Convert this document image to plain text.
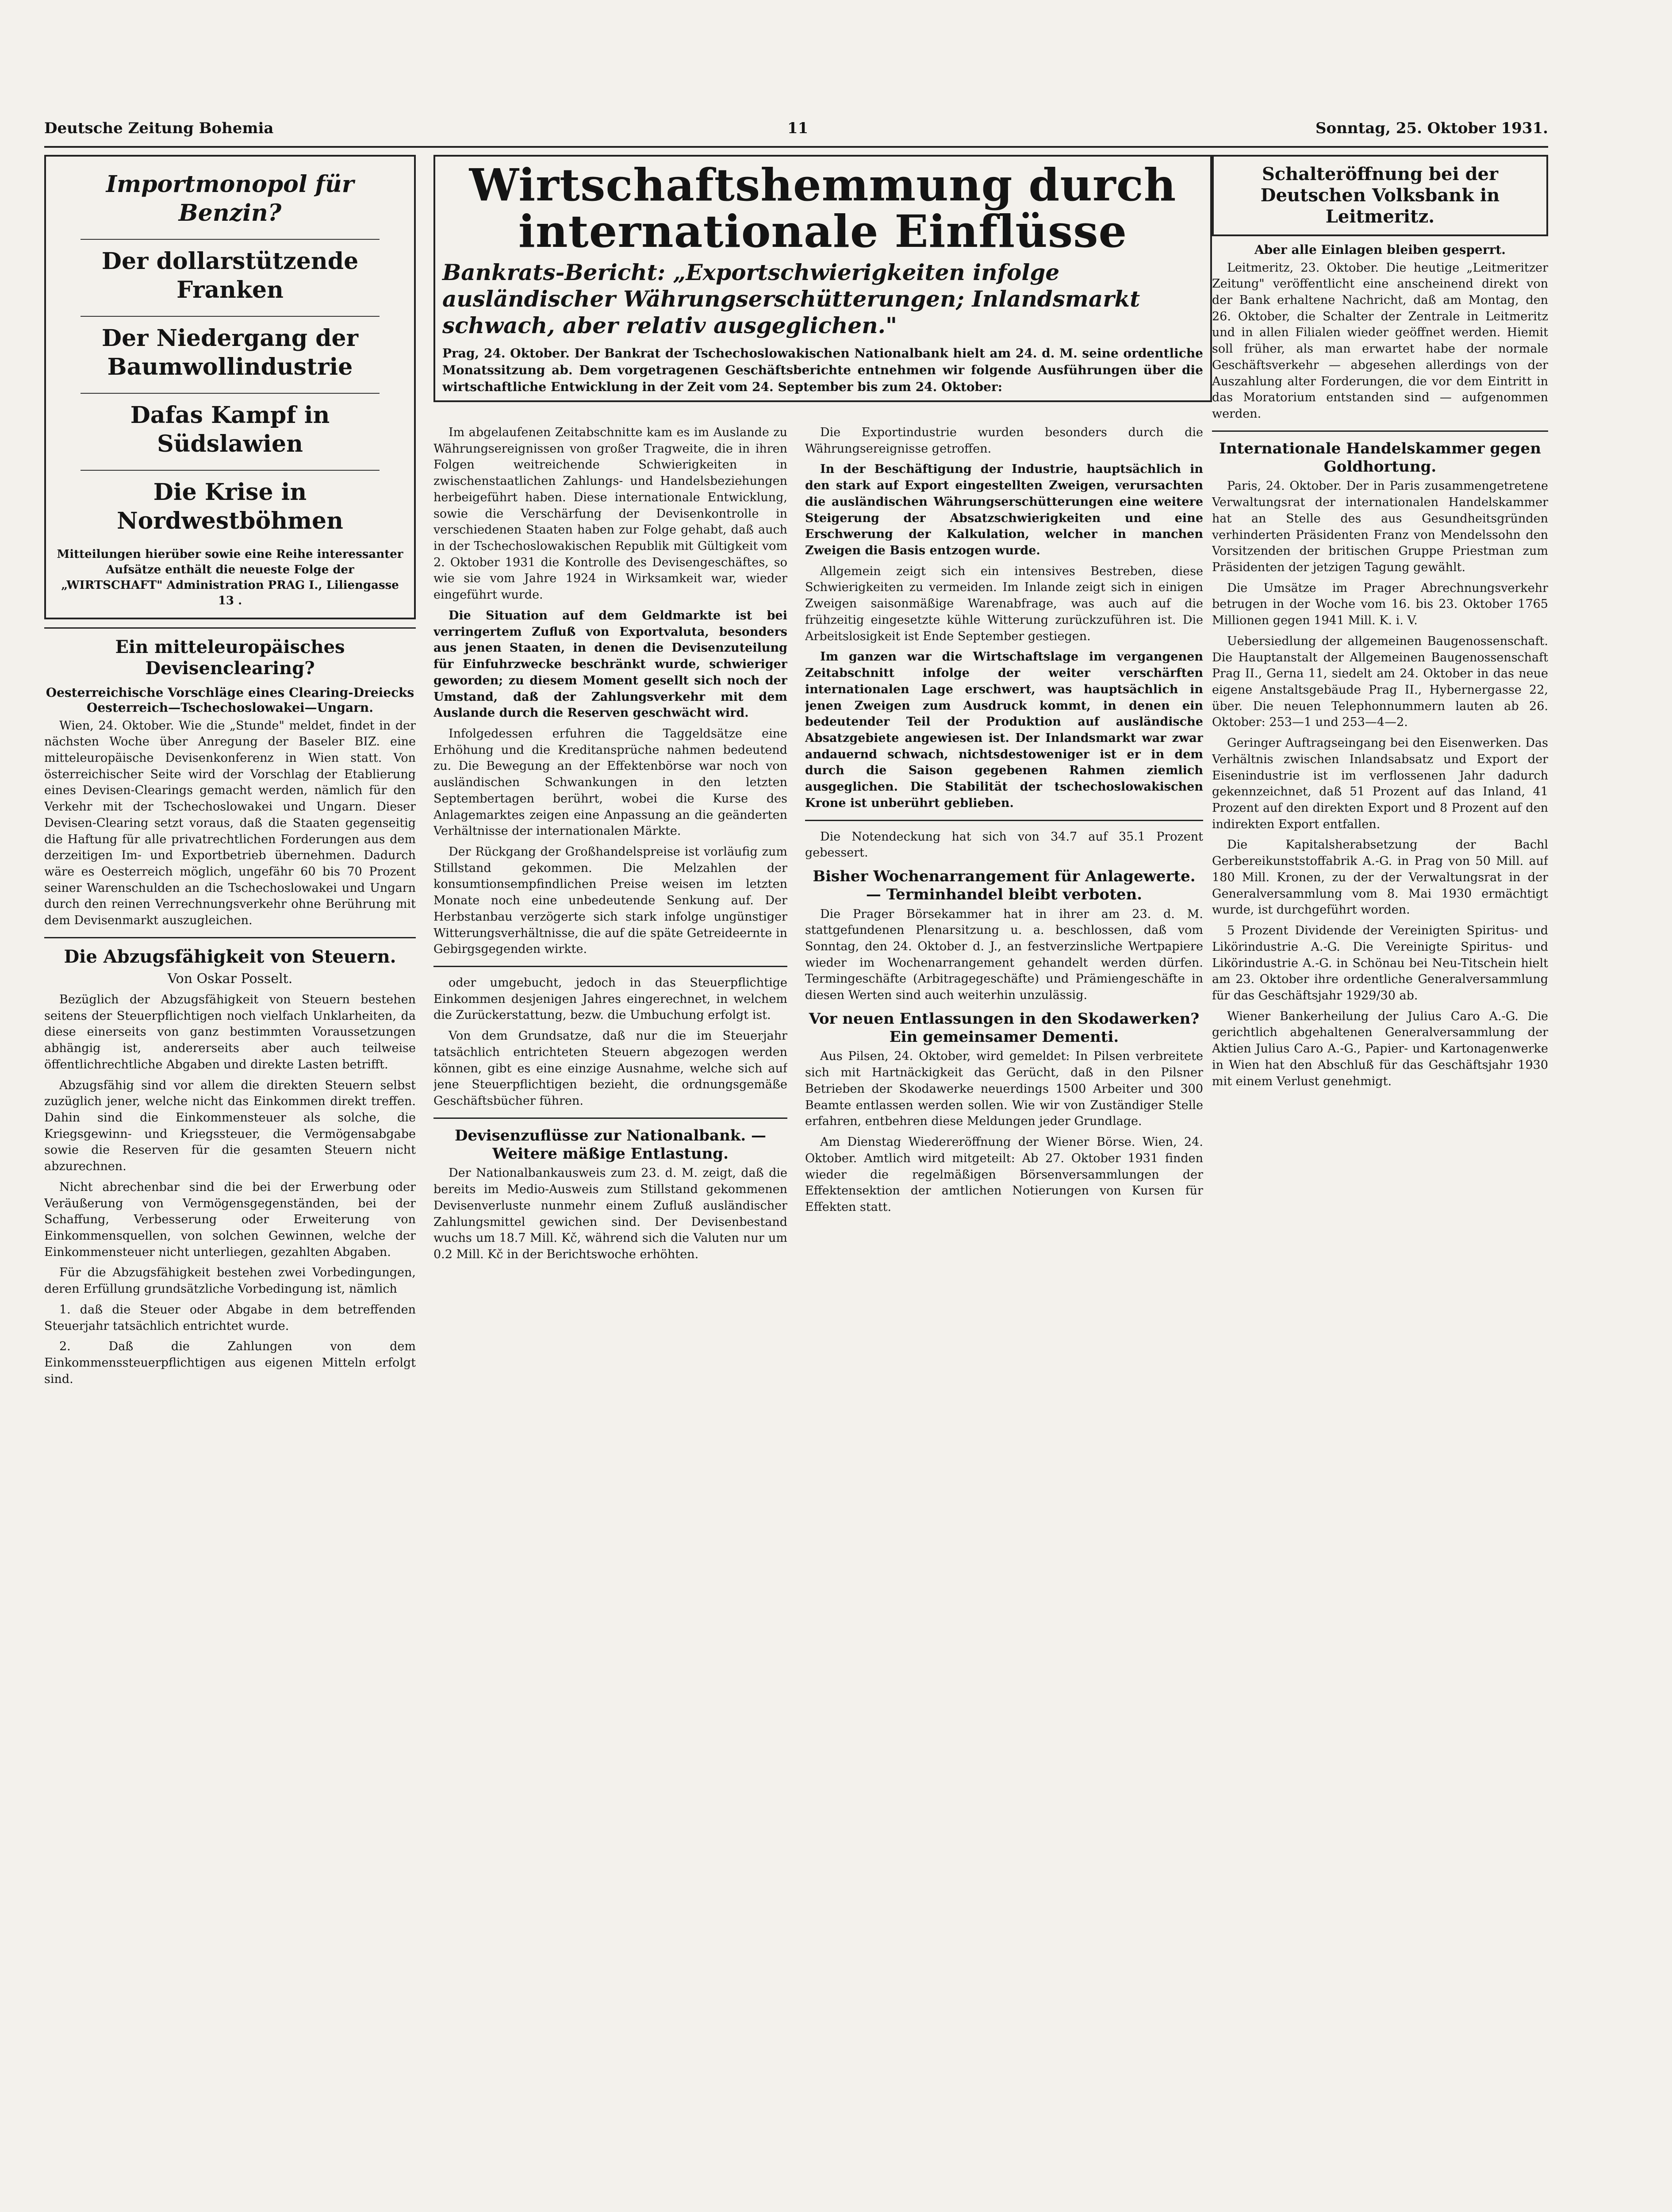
Deutsche Zeitung Bohemia	11	Sonntag, 25. Oktober 1931.
Importmonopol für Benzin?
Der dollarstützende Franken
Der Niedergang der Baumwollindustrie
Dafas Kampf in Südslawien
Die Krise in Nordwestböhmen
Mitteilungen hierüber sowie eine Reihe interessanter Aufsätze enthält die neueste Folge der „WIRTSCHAFT" Administration PRAG I., Liliengasse 13 .
Ein mitteleuropäisches Devisenclearing?
Oesterreichische Vorschläge eines Clearing-Dreiecks Oesterreich—Tschechoslowakei—Ungarn.

Wien, 24. Oktober. Wie die „Stunde" meldet, findet in der nächsten Woche über Anregung der Baseler BIZ. eine mitteleuropäische Devisenkonferenz in Wien statt. Von österreichischer Seite wird der Vorschlag der Etablierung eines Devisen-Clearings gemacht werden, nämlich für den Verkehr mit der Tschechoslowakei und Ungarn. Dieser Devisen-Clearing setzt voraus, daß die Staaten gegenseitig die Haftung für alle privatrechtlichen Forderungen aus dem derzeitigen Im- und Exportbetrieb übernehmen. Dadurch wäre es Oesterreich möglich, ungefähr 60 bis 70 Prozent seiner Warenschulden an die Tschechoslowakei und Ungarn durch den reinen Verrechnungsverkehr ohne Berührung mit dem Devisenmarkt auszugleichen.

Die Abzugsfähigkeit von Steuern.
Von Oskar Posselt.

Bezüglich der Abzugsfähigkeit von Steuern bestehen seitens der Steuerpflichtigen noch vielfach Unklarheiten, da diese einerseits von ganz bestimmten Voraussetzungen abhängig ist, andererseits aber auch teilweise öffentlichrechtliche Abgaben und direkte Lasten betrifft.

Abzugsfähig sind vor allem die direkten Steuern selbst zuzüglich jener, welche nicht das Einkommen direkt treffen. Dahin sind die Einkommensteuer als solche, die Kriegsgewinn- und Kriegssteuer, die Vermögensabgabe sowie die Reserven für die gesamten Steuern nicht abzurechnen.

Nicht abrechenbar sind die bei der Erwerbung oder Veräußerung von Vermögensgegenständen, bei der Schaffung, Verbesserung oder Erweiterung von Einkommensquellen, von solchen Gewinnen, welche der Einkommensteuer nicht unterliegen, gezahlten Abgaben.

Für die Abzugsfähigkeit bestehen zwei Vorbedingungen, deren Erfüllung grundsätzliche Vorbedingung ist, nämlich

1. daß die Steuer oder Abgabe in dem betreffenden Steuerjahr tatsächlich entrichtet wurde.

2. Daß die Zahlungen von dem Einkommenssteuerpflichtigen aus eigenen Mitteln erfolgt sind.

Wirtschaftshemmung durch internationale Einflüsse
Bankrats-Bericht: „Exportschwierigkeiten infolge ausländischer Währungserschütterungen; Inlandsmarkt schwach, aber relativ ausgeglichen."
Prag, 24. Oktober. Der Bankrat der Tschechoslowakischen Nationalbank hielt am 24. d. M. seine ordentliche Monatssitzung ab. Dem vorgetragenen Geschäftsberichte entnehmen wir folgende Ausführungen über die wirtschaftliche Entwicklung in der Zeit vom 24. September bis zum 24. Oktober:

Im abgelaufenen Zeitabschnitte kam es im Auslande zu Währungsereignissen von großer Tragweite, die in ihren Folgen weitreichende Schwierigkeiten in zwischenstaatlichen Zahlungs- und Handelsbeziehungen herbeigeführt haben. Diese internationale Entwicklung, sowie die Verschärfung der Devisenkontrolle in verschiedenen Staaten haben zur Folge gehabt, daß auch in der Tschechoslowakischen Republik mit Gültigkeit vom 2. Oktober 1931 die Kontrolle des Devisengeschäftes, so wie sie vom Jahre 1924 in Wirksamkeit war, wieder eingeführt wurde.

Die Situation auf dem Geldmarkte ist bei verringertem Zufluß von Exportvaluta, besonders aus jenen Staaten, in denen die Devisenzuteilung für Einfuhrzwecke beschränkt wurde, schwieriger geworden; zu diesem Moment gesellt sich noch der Umstand, daß der Zahlungsverkehr mit dem Auslande durch die Reserven geschwächt wird.

Infolgedessen erfuhren die Taggeldsätze eine Erhöhung und die Kreditansprüche nahmen bedeutend zu. Die Bewegung an der Effektenbörse war noch von ausländischen Schwankungen in den letzten Septembertagen berührt, wobei die Kurse des Anlagemarktes zeigen eine Anpassung an die geänderten Verhältnisse der internationalen Märkte.

Der Rückgang der Großhandelspreise ist vorläufig zum Stillstand gekommen. Die Melzahlen der konsumtionsempfindlichen Preise weisen im letzten Monate noch eine unbedeutende Senkung auf. Der Herbstanbau verzögerte sich stark infolge ungünstiger Witterungsverhältnisse, die auf die späte Getreideernte in Gebirgsgegenden wirkte.

oder umgebucht, jedoch in das Steuerpflichtige Einkommen desjenigen Jahres eingerechnet, in welchem die Zurückerstattung, bezw. die Umbuchung erfolgt ist.

Von dem Grundsatze, daß nur die im Steuerjahr tatsächlich entrichteten Steuern abgezogen werden können, gibt es eine einzige Ausnahme, welche sich auf jene Steuerpflichtigen bezieht, die ordnungsgemäße Geschäftsbücher führen.

Devisenzuflüsse zur Nationalbank. — Weitere mäßige Entlastung.

Der Nationalbankausweis zum 23. d. M. zeigt, daß die bereits im Medio-Ausweis zum Stillstand gekommenen Devisenverluste nunmehr einem Zufluß ausländischer Zahlungsmittel gewichen sind. Der Devisenbestand wuchs um 18.7 Mill. Kč, während sich die Valuten nur um 0.2 Mill. Kč in der Berichtswoche erhöhten.

Die Exportindustrie wurden besonders durch die Währungsereignisse getroffen.

In der Beschäftigung der Industrie, hauptsächlich in den stark auf Export eingestellten Zweigen, verursachten die ausländischen Währungserschütterungen eine weitere Steigerung der Absatzschwierigkeiten und eine Erschwerung der Kalkulation, welcher in manchen Zweigen die Basis entzogen wurde.

Allgemein zeigt sich ein intensives Bestreben, diese Schwierigkeiten zu vermeiden. Im Inlande zeigt sich in einigen Zweigen saisonmäßige Warenabfrage, was auch auf die frühzeitig eingesetzte kühle Witterung zurückzuführen ist. Die Arbeitslosigkeit ist Ende September gestiegen.

Im ganzen war die Wirtschaftslage im vergangenen Zeitabschnitt infolge der weiter verschärften internationalen Lage erschwert, was hauptsächlich in jenen Zweigen zum Ausdruck kommt, in denen ein bedeutender Teil der Produktion auf ausländische Absatzgebiete angewiesen ist. Der Inlandsmarkt war zwar andauernd schwach, nichtsdestoweniger ist er in dem durch die Saison gegebenen Rahmen ziemlich ausgeglichen. Die Stabilität der tschechoslowakischen Krone ist unberührt geblieben.

Die Notendeckung hat sich von 34.7 auf 35.1 Prozent gebessert.

Bisher Wochenarrangement für Anlagewerte. — Terminhandel bleibt verboten.

Die Prager Börsekammer hat in ihrer am 23. d. M. stattgefundenen Plenarsitzung u. a. beschlossen, daß vom Sonntag, den 24. Oktober d. J., an festverzinsliche Wertpapiere wieder im Wochenarrangement gehandelt werden dürfen. Termingeschäfte (Arbitragegeschäfte) und Prämiengeschäfte in diesen Werten sind auch weiterhin unzulässig.

Vor neuen Entlassungen in den Skodawerken? Ein gemeinsamer Dementi.

Aus Pilsen, 24. Oktober, wird gemeldet: In Pilsen verbreitete sich mit Hartnäckigkeit das Gerücht, daß in den Pilsner Betrieben der Skodawerke neuerdings 1500 Arbeiter und 300 Beamte entlassen werden sollen. Wie wir von Zuständiger Stelle erfahren, entbehren diese Meldungen jeder Grundlage.

Am Dienstag Wiedereröffnung der Wiener Börse. Wien, 24. Oktober. Amtlich wird mitgeteilt: Ab 27. Oktober 1931 finden wieder die regelmäßigen Börsenversammlungen der Effektensektion der amtlichen Notierungen von Kursen für Effekten statt.

Schalteröffnung bei der Deutschen Volksbank in Leitmeritz.
Aber alle Einlagen bleiben gesperrt.

Leitmeritz, 23. Oktober. Die heutige „Leitmeritzer Zeitung" veröffentlicht eine anscheinend direkt von der Bank erhaltene Nachricht, daß am Montag, den 26. Oktober, die Schalter der Zentrale in Leitmeritz und in allen Filialen wieder geöffnet werden. Hiemit soll früher, als man erwartet habe der normale Geschäftsverkehr — abgesehen allerdings von der Auszahlung alter Forderungen, die vor dem Eintritt in das Moratorium entstanden sind — aufgenommen werden.

Internationale Handelskammer gegen Goldhortung.

Paris, 24. Oktober. Der in Paris zusammengetretene Verwaltungsrat der internationalen Handelskammer hat an Stelle des aus Gesundheitsgründen verhinderten Präsidenten Franz von Mendelssohn den Vorsitzenden der britischen Gruppe Priestman zum Präsidenten der jetzigen Tagung gewählt.

Die Umsätze im Prager Abrechnungsverkehr betrugen in der Woche vom 16. bis 23. Oktober 1765 Millionen gegen 1941 Mill. K. i. V.

Uebersiedlung der allgemeinen Baugenossenschaft. Die Hauptanstalt der Allgemeinen Baugenossenschaft Prag II., Gerna 11, siedelt am 24. Oktober in das neue eigene Anstaltsgebäude Prag II., Hybernergasse 22, über. Die neuen Telephonnummern lauten ab 26. Oktober: 253—1 und 253—4—2.

Geringer Auftragseingang bei den Eisenwerken. Das Verhältnis zwischen Inlandsabsatz und Export der Eisenindustrie ist im verflossenen Jahr dadurch gekennzeichnet, daß 51 Prozent auf das Inland, 41 Prozent auf den direkten Export und 8 Prozent auf den indirekten Export entfallen.

Die Kapitalsherabsetzung der Bachl Gerbereikunststoffabrik A.-G. in Prag von 50 Mill. auf 180 Mill. Kronen, zu der der Verwaltungsrat in der Generalversammlung vom 8. Mai 1930 ermächtigt wurde, ist durchgeführt worden.

5 Prozent Dividende der Vereinigten Spiritus- und Likörindustrie A.-G. Die Vereinigte Spiritus- und Likörindustrie A.-G. in Schönau bei Neu-Titschein hielt am 23. Oktober ihre ordentliche Generalversammlung für das Geschäftsjahr 1929/30 ab.

Wiener Bankerheilung der Julius Caro A.-G. Die gerichtlich abgehaltenen Generalversammlung der Aktien Julius Caro A.-G., Papier- und Kartonagenwerke in Wien hat den Abschluß für das Geschäftsjahr 1930 mit einem Verlust genehmigt.
